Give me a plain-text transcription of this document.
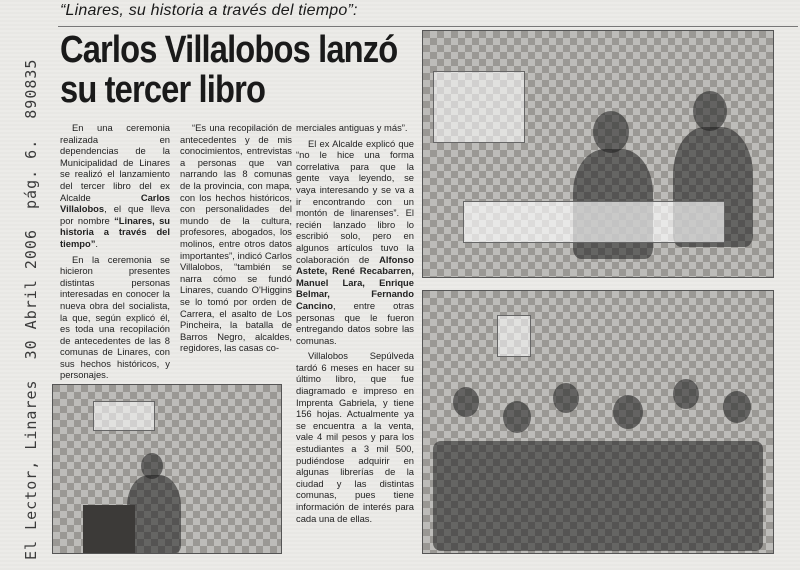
“Linares, su historia a través del tiempo”:
Carlos Villalobos lanzó
su tercer libro
El Lector, Linares 30 Abril 2006 pág. 6. 890835

En una ceremonia realizada en dependencias de la Municipalidad de Linares se realizó el lanzamiento del tercer libro del ex Alcalde Carlos Villalobos, el que lleva por nombre “Linares, su historia a través del tiempo”.

En la ceremonia se hicieron presentes distintas personas interesadas en conocer la nueva obra del socialista, la que, según explicó él, es toda una recopilación de antecedentes de las 8 comunas de Linares, con sus hechos históricos, y personajes.

“Es una recopilación de antecedentes y de mis conocimientos, entrevistas a personas que van narrando las 8 comunas de la provincia, con mapa, con los hechos históricos, con personalidades del mundo de la cultura, profesores, abogados, los molinos, entre otros datos importantes”, indicó Carlos Villalobos, “también se narra cómo se fundó Linares, cuando O'Higgins se lo tomó por orden de Carrera, el asalto de Los Pincheira, la batalla de Barros Negro, alcaldes, regidores, las casas co-

merciales antiguas y más”.

El ex Alcalde explicó que “no le hice una forma correlativa para que la gente vaya leyendo, se vaya interesando y se va a ir encontrando con un montón de linarenses”. El recién lanzado libro lo escribió solo, pero en algunos artículos tuvo la colaboración de Alfonso Astete, René Recabarren, Manuel Lara, Enrique Belmar, Fernando Cancino, entre otras personas que le fueron entregando datos sobre las comunas.

Villalobos Sepúlveda tardó 6 meses en hacer su último libro, que fue diagramado e impreso en Imprenta Gabriela, y tiene 156 hojas. Actualmente ya se encuentra a la venta, vale 4 mil pesos y para los estudiantes a 3 mil 500, pudiéndose adquirir en algunas librerías de la ciudad y las distintas comunas, pues tiene información de interés para cada una de ellas.
